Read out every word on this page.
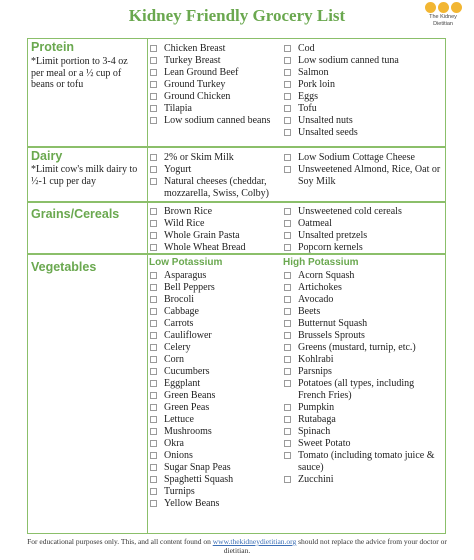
Kidney Friendly Grocery List	The Kidney
Dietitian
Protein
*Limit portion to 3-4 oz per meal or a ½ cup of beans or tofu
Chicken Breast
Turkey Breast
Lean Ground Beef
Ground Turkey
Ground Chicken
Tilapia
Low sodium canned beans
Cod
Low sodium canned tuna
Salmon
Pork loin
Eggs
Tofu
Unsalted nuts
Unsalted seeds
Dairy
*Limit cow's milk dairy to ½-1 cup per day
2% or Skim Milk
Yogurt
Natural cheeses (cheddar, mozzarella, Swiss, Colby)
Low Sodium Cottage Cheese
Unsweetened Almond, Rice, Oat or Soy Milk
Grains/Cereals	Brown Rice
Wild Rice
Whole Grain Pasta
Whole Wheat Bread
Unsweetened cold cereals
Oatmeal
Unsalted pretzels
Popcorn kernels
Vegetables	Low Potassium
Asparagus
Bell Peppers
Brocoli
Cabbage
Carrots
Cauliflower
Celery
Corn
Cucumbers
Eggplant
Green Beans
Green Peas
Lettuce
Mushrooms
Okra
Onions
Sugar Snap Peas
Spaghetti Squash
Turnips
Yellow Beans
High Potassium
Acorn Squash
Artichokes
Avocado
Beets
Butternut Squash
Brussels Sprouts
Greens (mustard, turnip, etc.)
Kohlrabi
Parsnips
Potatoes (all types, including French Fries)
Pumpkin
Rutabaga
Spinach
Sweet Potato
Tomato (including tomato juice & sauce)
Zucchini
For educational purposes only. This, and all content found on www.thekidneydietitian.org should not replace the advice from your doctor or dietitian.
